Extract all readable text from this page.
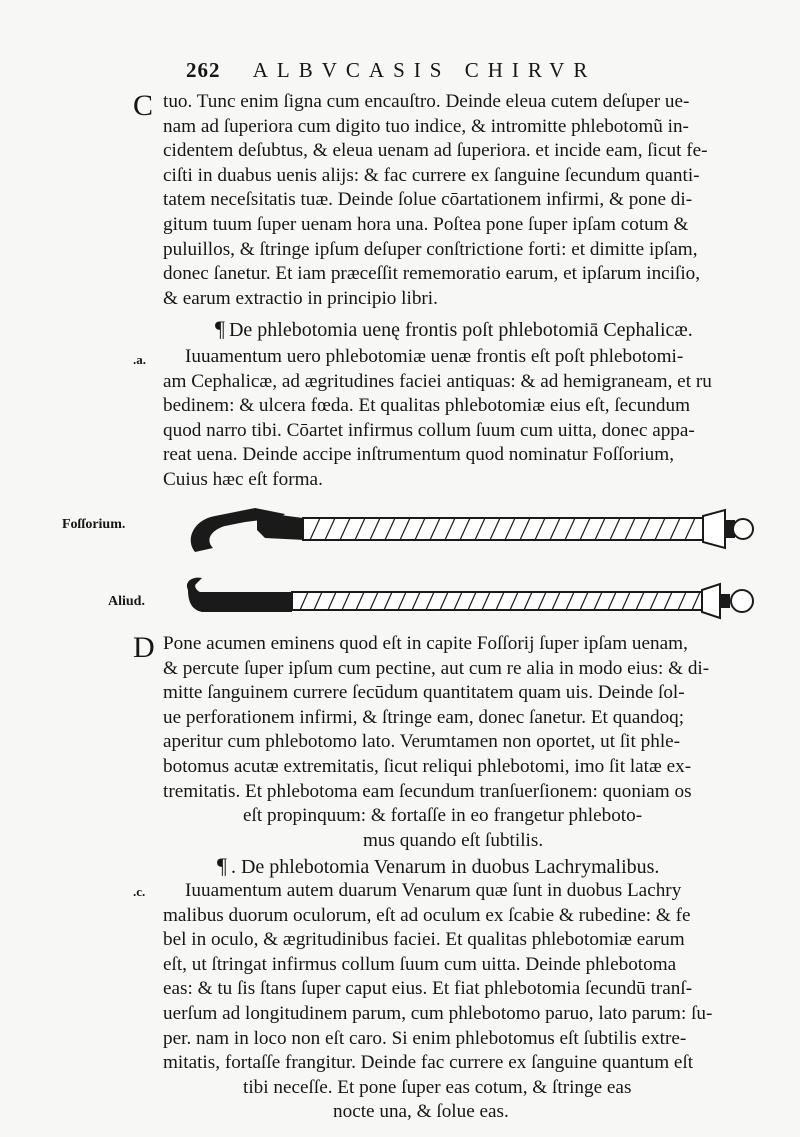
262 ALBVCASIS CHIRVR
C tuo. Tunc enim ſigna cum encauſtro. Deinde eleua cutem deſuper ue-
nam ad ſuperiora cum digito tuo indice, & intromitte phlebotomũ in-
cidentem deſubtus, & eleua uenam ad ſuperiora. et incide eam, ſicut fe-
ciſti in duabus uenis alijs: & fac currere ex ſanguine ſecundum quanti-
tatem neceſsitatis tuæ. Deinde ſolue cōartationem infirmi, & pone di-
gitum tuum ſuper uenam hora una. Poſtea pone ſuper ipſam cotum &
puluillos, & ſtringe ipſum deſuper conſtrictione forti: et dimitte ipſam,
donec ſanetur. Et iam præceſſit rememoratio earum, et ipſarum inciſio,
& earum extractio in principio libri.
¶ De phlebotomia uenę frontis poſt phlebotomiā Cephalicæ.
.a.	Iuuamentum uero phlebotomiæ uenæ frontis eſt poſt phlebotomi-
am Cephalicæ, ad ægritudines faciei antiquas: & ad hemigraneam, et ru
bedinem: & ulcera fœda. Et qualitas phlebotomiæ eius eſt, ſecundum
quod narro tibi. Cōartet infirmus collum ſuum cum uitta, donec appa-
reat uena. Deinde accipe inſtrumentum quod nominatur Foſſorium,
Cuius hæc eſt forma.
Foſſorium.
Aliud.
D Pone acumen eminens quod eſt in capite Foſſorij ſuper ipſam uenam,
& percute ſuper ipſum cum pectine, aut cum re alia in modo eius: & di-
mitte ſanguinem currere ſecūdum quantitatem quam uis. Deinde ſol-
ue perforationem infirmi, & ſtringe eam, donec ſanetur. Et quandoq;
aperitur cum phlebotomo lato. Verumtamen non oportet, ut ſit phle-
botomus acutæ extremitatis, ſicut reliqui phlebotomi, imo ſit latæ ex-
tremitatis. Et phlebotoma eam ſecundum tranſuerſionem: quoniam os
eſt propinquum: & fortaſſe in eo frangetur phleboto-
mus quando eſt ſubtilis.
¶ . De phlebotomia Venarum in duobus Lachrymalibus.
.c.	Iuuamentum autem duarum Venarum quæ ſunt in duobus Lachry
malibus duorum oculorum, eſt ad oculum ex ſcabie & rubedine: & fe
bel in oculo, & ægritudinibus faciei. Et qualitas phlebotomiæ earum
eſt, ut ſtringat infirmus collum ſuum cum uitta. Deinde phlebotoma
eas: & tu ſis ſtans ſuper caput eius. Et fiat phlebotomia ſecundū tranſ-
uerſum ad longitudinem parum, cum phlebotomo paruo, lato parum: ſu-
per. nam in loco non eſt caro. Si enim phlebotomus eſt ſubtilis extre-
mitatis, fortaſſe frangitur. Deinde fac currere ex ſanguine quantum eſt
tibi neceſſe. Et pone ſuper eas cotum, & ſtringe eas
nocte una, & ſolue eas.
